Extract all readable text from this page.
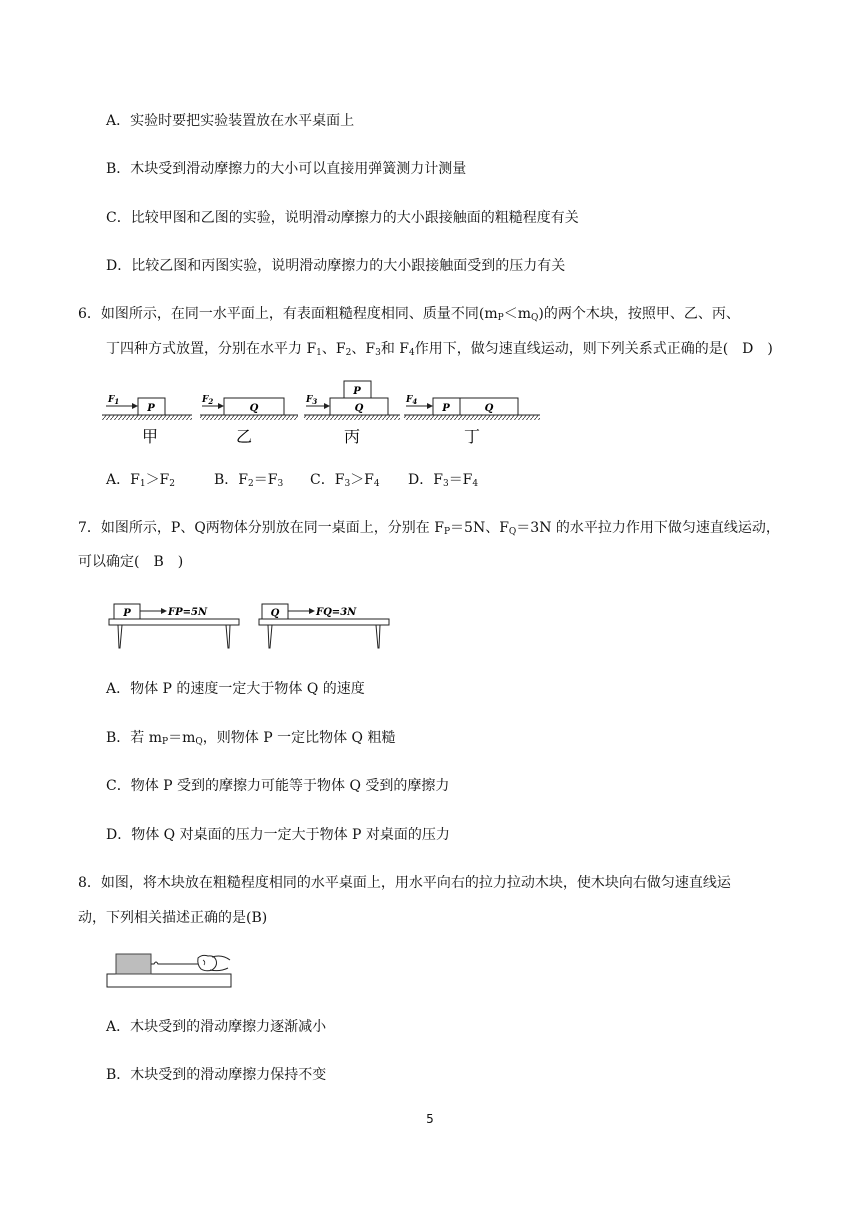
A．实验时要把实验装置放在水平桌面上
B．木块受到滑动摩擦力的大小可以直接用弹簧测力计测量
C．比较甲图和乙图的实验，说明滑动摩擦力的大小跟接触面的粗糙程度有关
D．比较乙图和丙图实验，说明滑动摩擦力的大小跟接触面受到的压力有关
6．如图所示，在同一水平面上，有表面粗糙程度相同、质量不同$(m_P<m_Q)$的两个木块，按照甲、乙、丙、
丁四种方式放置，分别在水平力 $F_1$、$F_2$、$F_3$和 $F_4$作用下，做匀速直线运动，则下列关系式正确的是(　D　)
P
$F_1$
甲
Q
$F_2$
乙
Q
P
$F_3$
丙
P	Q
$F_4$
丁
A．$F_1>F_2$	B．$F_2=F_3$ C．$F_3>F_4$ D．$F_3=F_4$
7．如图所示，P、Q两物体分别放在同一桌面上，分别在 $F_P=5N$、$F_Q=3N$ 的水平拉力作用下做匀速直线运动，
可以确定(　B　)
P	FP=5N	Q	FQ=3N
A．物体 P 的速度一定大于物体 Q 的速度
B．若 $m_P=m_Q$，则物体 P 一定比物体 Q 粗糙
C．物体 P 受到的摩擦力可能等于物体 Q 受到的摩擦力
D．物体 Q 对桌面的压力一定大于物体 P 对桌面的压力
8．如图，将木块放在粗糙程度相同的水平桌面上，用水平向右的拉力拉动木块，使木块向右做匀速直线运
动，下列相关描述正确的是(B)
A．木块受到的滑动摩擦力逐渐减小
B．木块受到的滑动摩擦力保持不变
5
